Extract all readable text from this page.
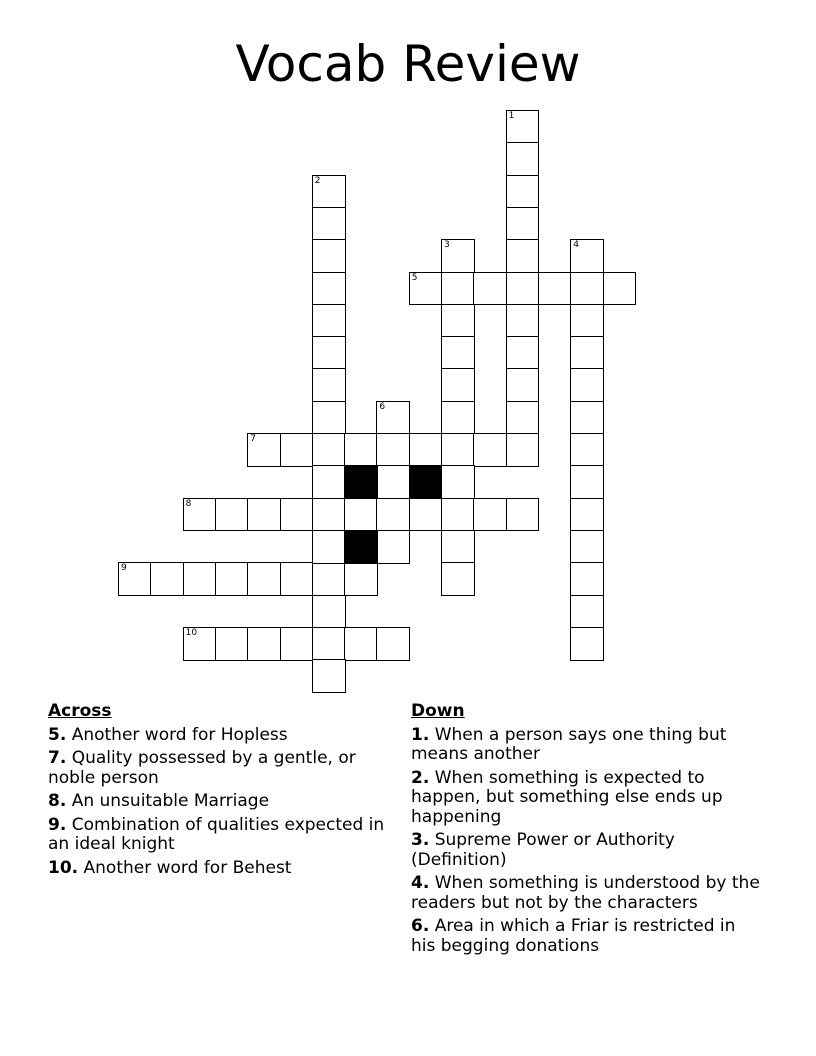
Vocab Review
5
7
8
9
10
1
2
3	4
6
Across
5. Another word for Hopless
7. Quality possessed by a gentle, or noble person
8. An unsuitable Marriage
9. Combination of qualities expected in an ideal knight
10. Another word for Behest
Down
1. When a person says one thing but means another
2. When something is expected to happen, but something else ends up happening
3. Supreme Power or Authority (Definition)
4. When something is understood by the readers but not by the characters
6. Area in which a Friar is restricted in his begging donations
